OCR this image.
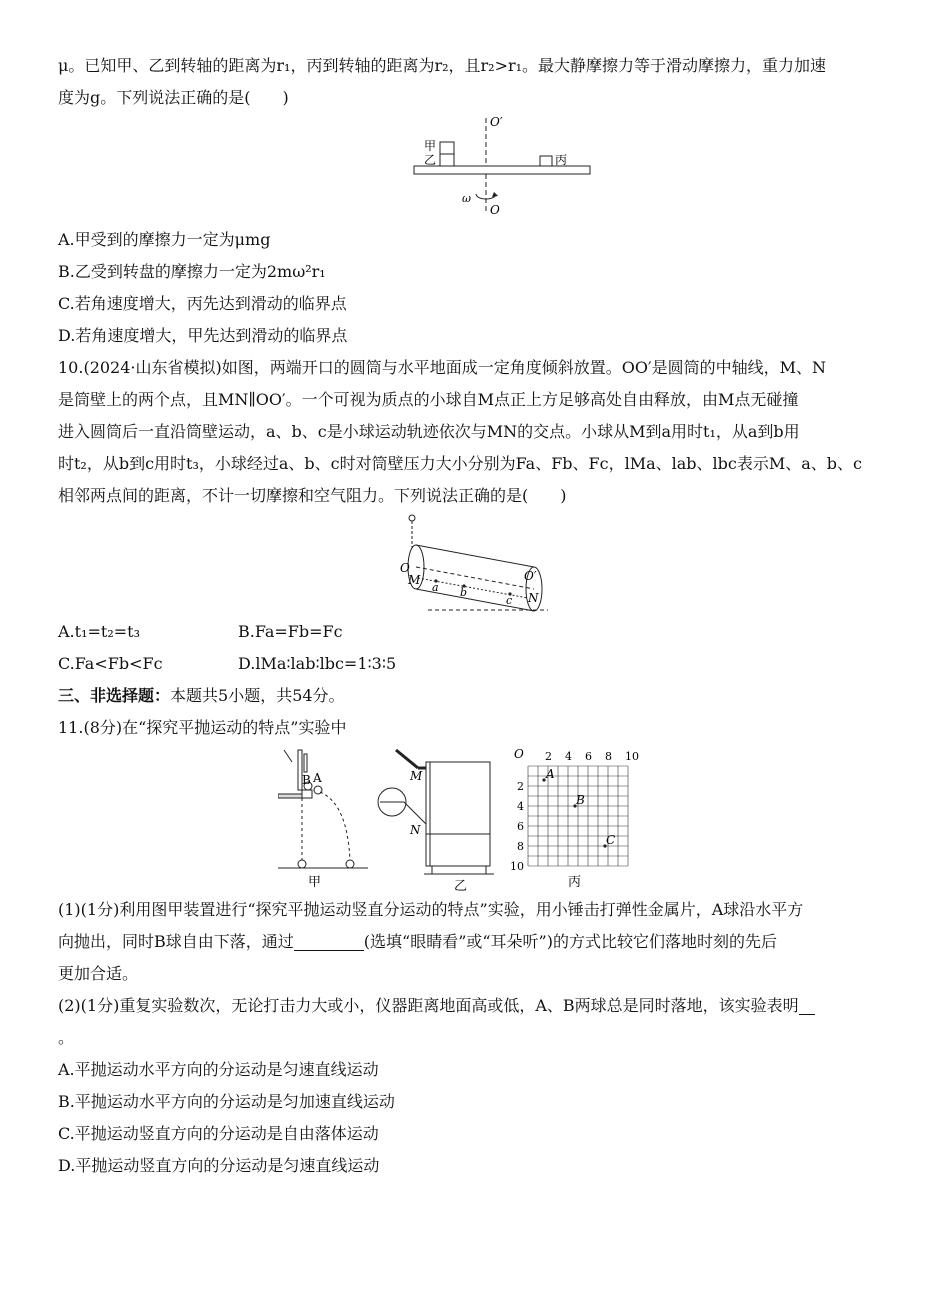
μ。已知甲、乙到转轴的距离为r₁，丙到转轴的距离为r₂，且r₂>r₁。最大静摩擦力等于滑动摩擦力，重力加速
度为g。下列说法正确的是(　　)
甲
乙	丙
O′
O
ω
A.甲受到的摩擦力一定为μmg
B.乙受到转盘的摩擦力一定为2mω²r₁
C.若角速度增大，丙先达到滑动的临界点
D.若角速度增大，甲先达到滑动的临界点
10.(2024·山东省模拟)如图，两端开口的圆筒与水平地面成一定角度倾斜放置。OO′是圆筒的中轴线，M、N
是筒壁上的两个点，且MN∥OO′。一个可视为质点的小球自M点正上方足够高处自由释放，由M点无碰撞
进入圆筒后一直沿筒壁运动，a、b、c是小球运动轨迹依次与MN的交点。小球从M到a用时t₁，从a到b用
时t₂，从b到c用时t₃，小球经过a、b、c时对筒壁压力大小分别为Fa、Fb、Fc，lMa、lab、lbc表示M、a、b、c
相邻两点间的距离，不计一切摩擦和空气阻力。下列说法正确的是(　　)
O
O′
M
N
a b
c
A.t₁=t₂=t₃	B.Fa=Fb=Fc
C.Fa<Fb<Fc	D.lMa∶lab∶lbc=1∶3∶5
三、非选择题：本题共5小题，共54分。
11.(8分)在“探究平抛运动的特点”实验中
B A
甲
M
N
乙
O 2 4 6 8 10
2
4
6
8
10
A
B
C
丙
(1)(1分)利用图甲装置进行“探究平抛运动竖直分运动的特点”实验，用小锤击打弹性金属片，A球沿水平方
向抛出，同时B球自由下落，通过	(选填“眼睛看”或“耳朵听”)的方式比较它们落地时刻的先后
更加合适。
(2)(1分)重复实验数次，无论打击力大或小，仪器距离地面高或低，A、B两球总是同时落地，该实验表明
。
A.平抛运动水平方向的分运动是匀速直线运动
B.平抛运动水平方向的分运动是匀加速直线运动
C.平抛运动竖直方向的分运动是自由落体运动
D.平抛运动竖直方向的分运动是匀速直线运动
